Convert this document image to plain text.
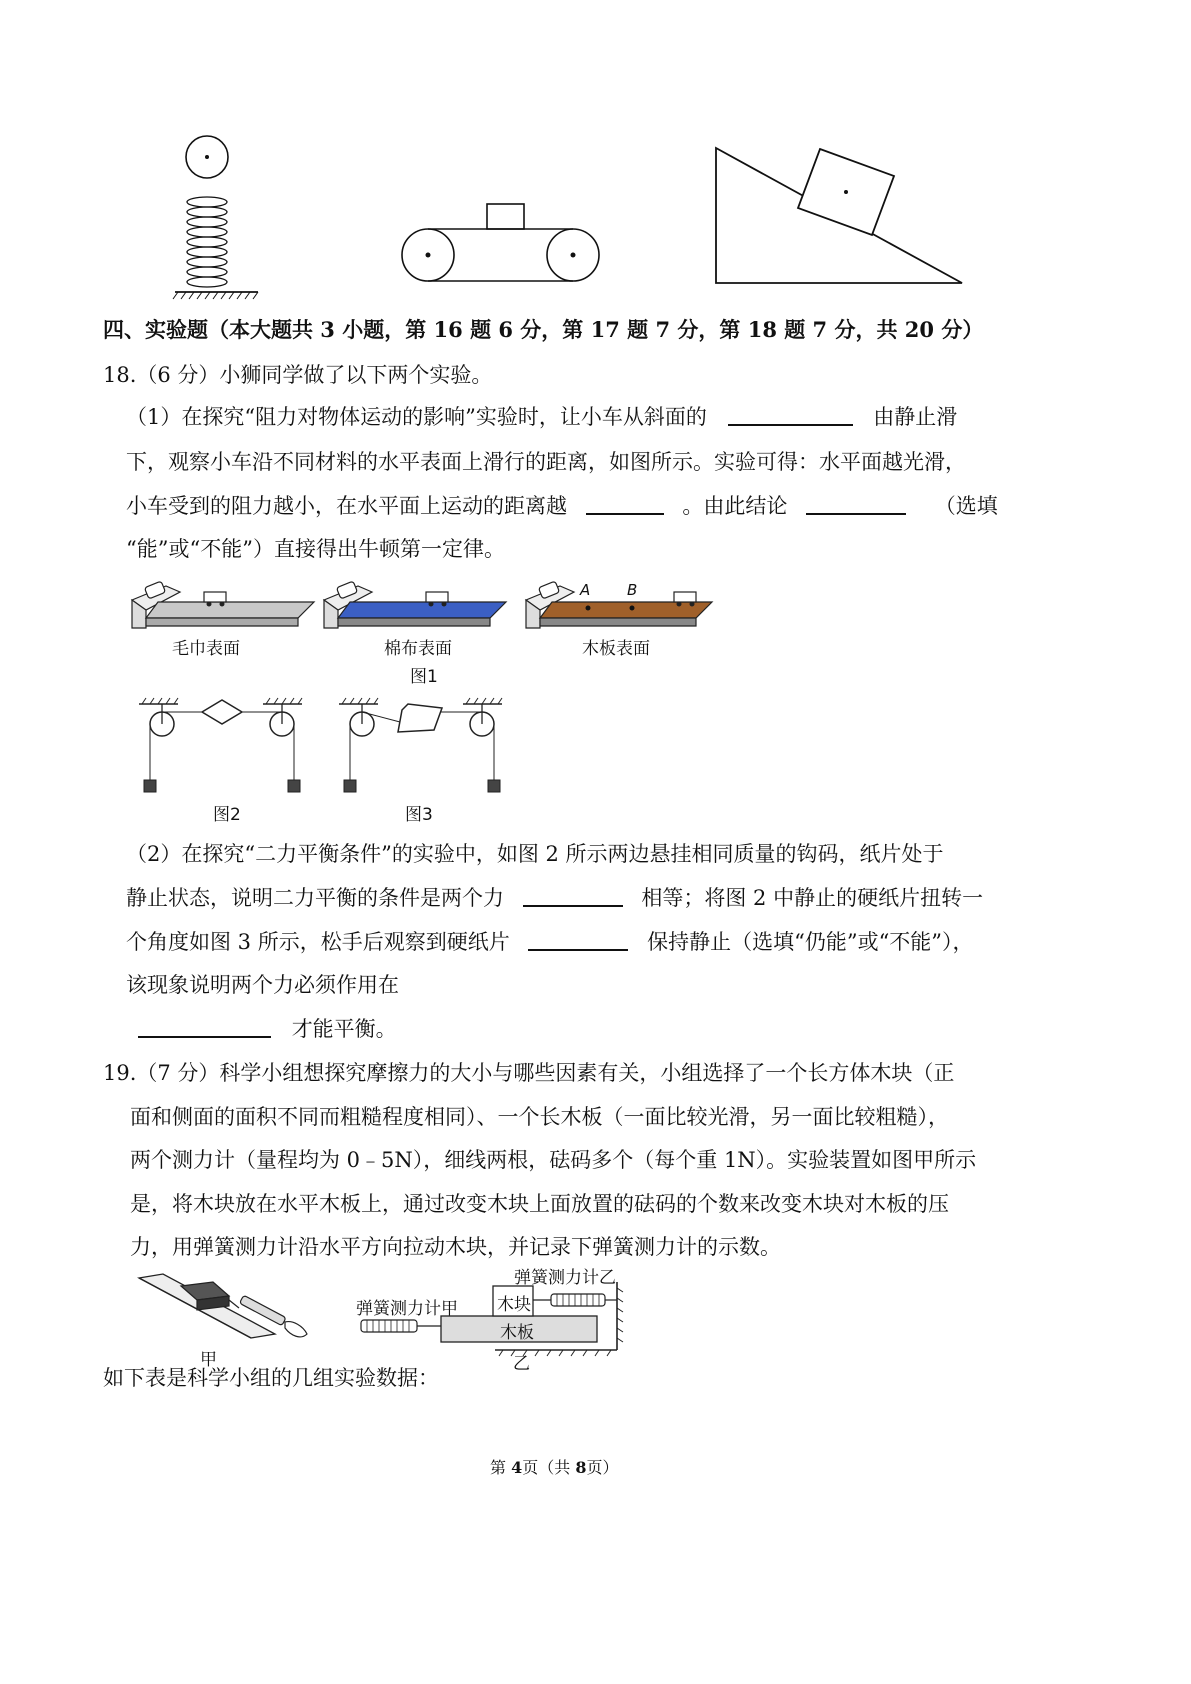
四、实验题（本大题共 3 小题，第 16 题 6 分，第 17 题 7 分，第 18 题 7 分，共 20 分）
18.（6 分）小狮同学做了以下两个实验。
（1）在探究“阻力对物体运动的影响”实验时，让小车从斜面的	由静止滑
下，观察小车沿不同材料的水平表面上滑行的距离，如图所示。实验可得：水平面越光滑，
小车受到的阻力越小，在水平面上运动的距离越	。由此结论	（选填
“能”或“不能”）直接得出牛顿第一定律。
毛巾表面	棉布表面
A B
木板表面
图1
图2	图3
（2）在探究“二力平衡条件”的实验中，如图 2 所示两边悬挂相同质量的钩码，纸片处于
静止状态，说明二力平衡的条件是两个力	相等；将图 2 中静止的硬纸片扭转一
个角度如图 3 所示，松手后观察到硬纸片	保持静止（选填“仍能”或“不能”），
该现象说明两个力必须作用在
才能平衡。
19.（7 分）科学小组想探究摩擦力的大小与哪些因素有关，小组选择了一个长方体木块（正
面和侧面的面积不同而粗糙程度相同）、一个长木板（一面比较光滑，另一面比较粗糙），
两个测力计（量程均为 0﹣5N），细线两根，砝码多个（每个重 1N）。实验装置如图甲所示
是，将木块放在水平木板上，通过改变木块上面放置的砝码的个数来改变木块对木板的压
力，用弹簧测力计沿水平方向拉动木块，并记录下弹簧测力计的示数。
甲
弹簧测力计乙
弹簧测力计甲 木块
木板
乙
如下表是科学小组的几组实验数据：
第 4页（共 8页）
